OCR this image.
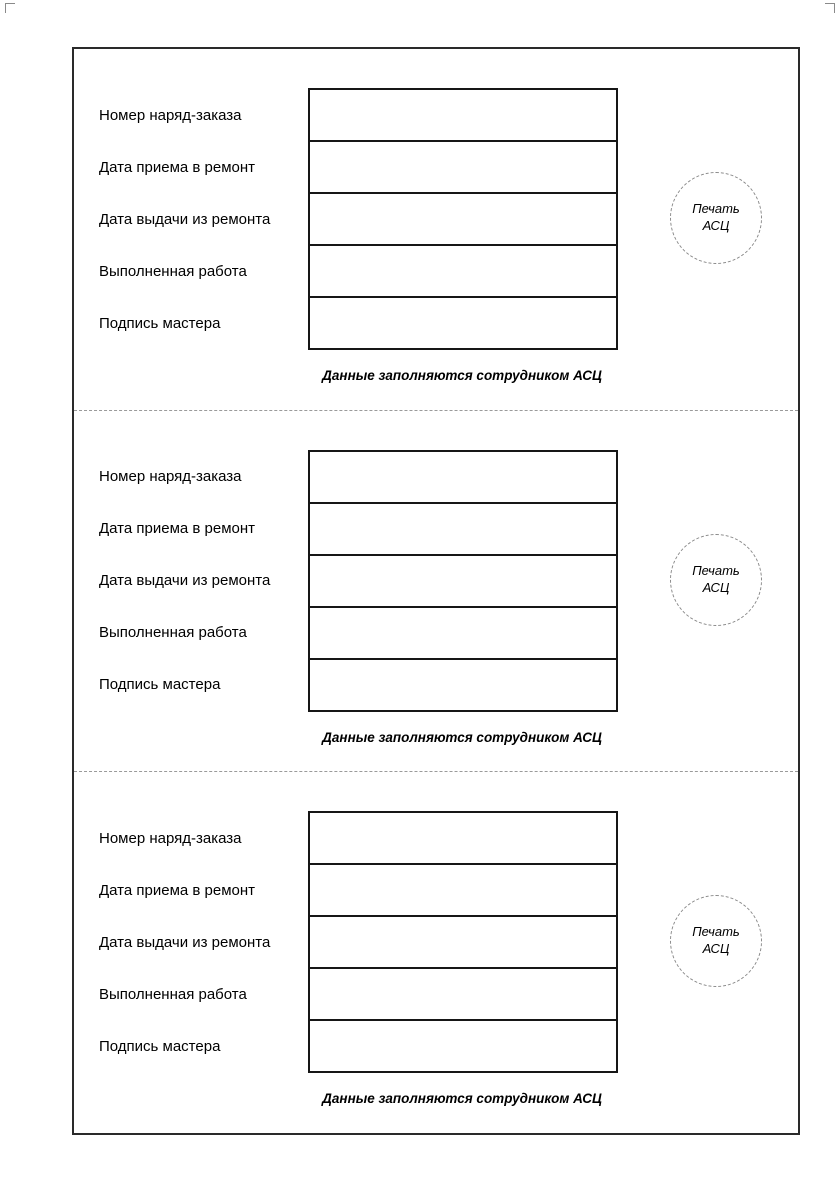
Номер наряд-заказа
Дата приема в ремонт
Дата выдачи из ремонта
Выполненная работа
Подпись мастера
Печать
АСЦ
Данные заполняются сотрудником АСЦ
Номер наряд-заказа
Дата приема в ремонт
Дата выдачи из ремонта
Выполненная работа
Подпись мастера
Печать
АСЦ
Данные заполняются сотрудником АСЦ
Номер наряд-заказа
Дата приема в ремонт
Дата выдачи из ремонта
Выполненная работа
Подпись мастера
Печать
АСЦ
Данные заполняются сотрудником АСЦ
